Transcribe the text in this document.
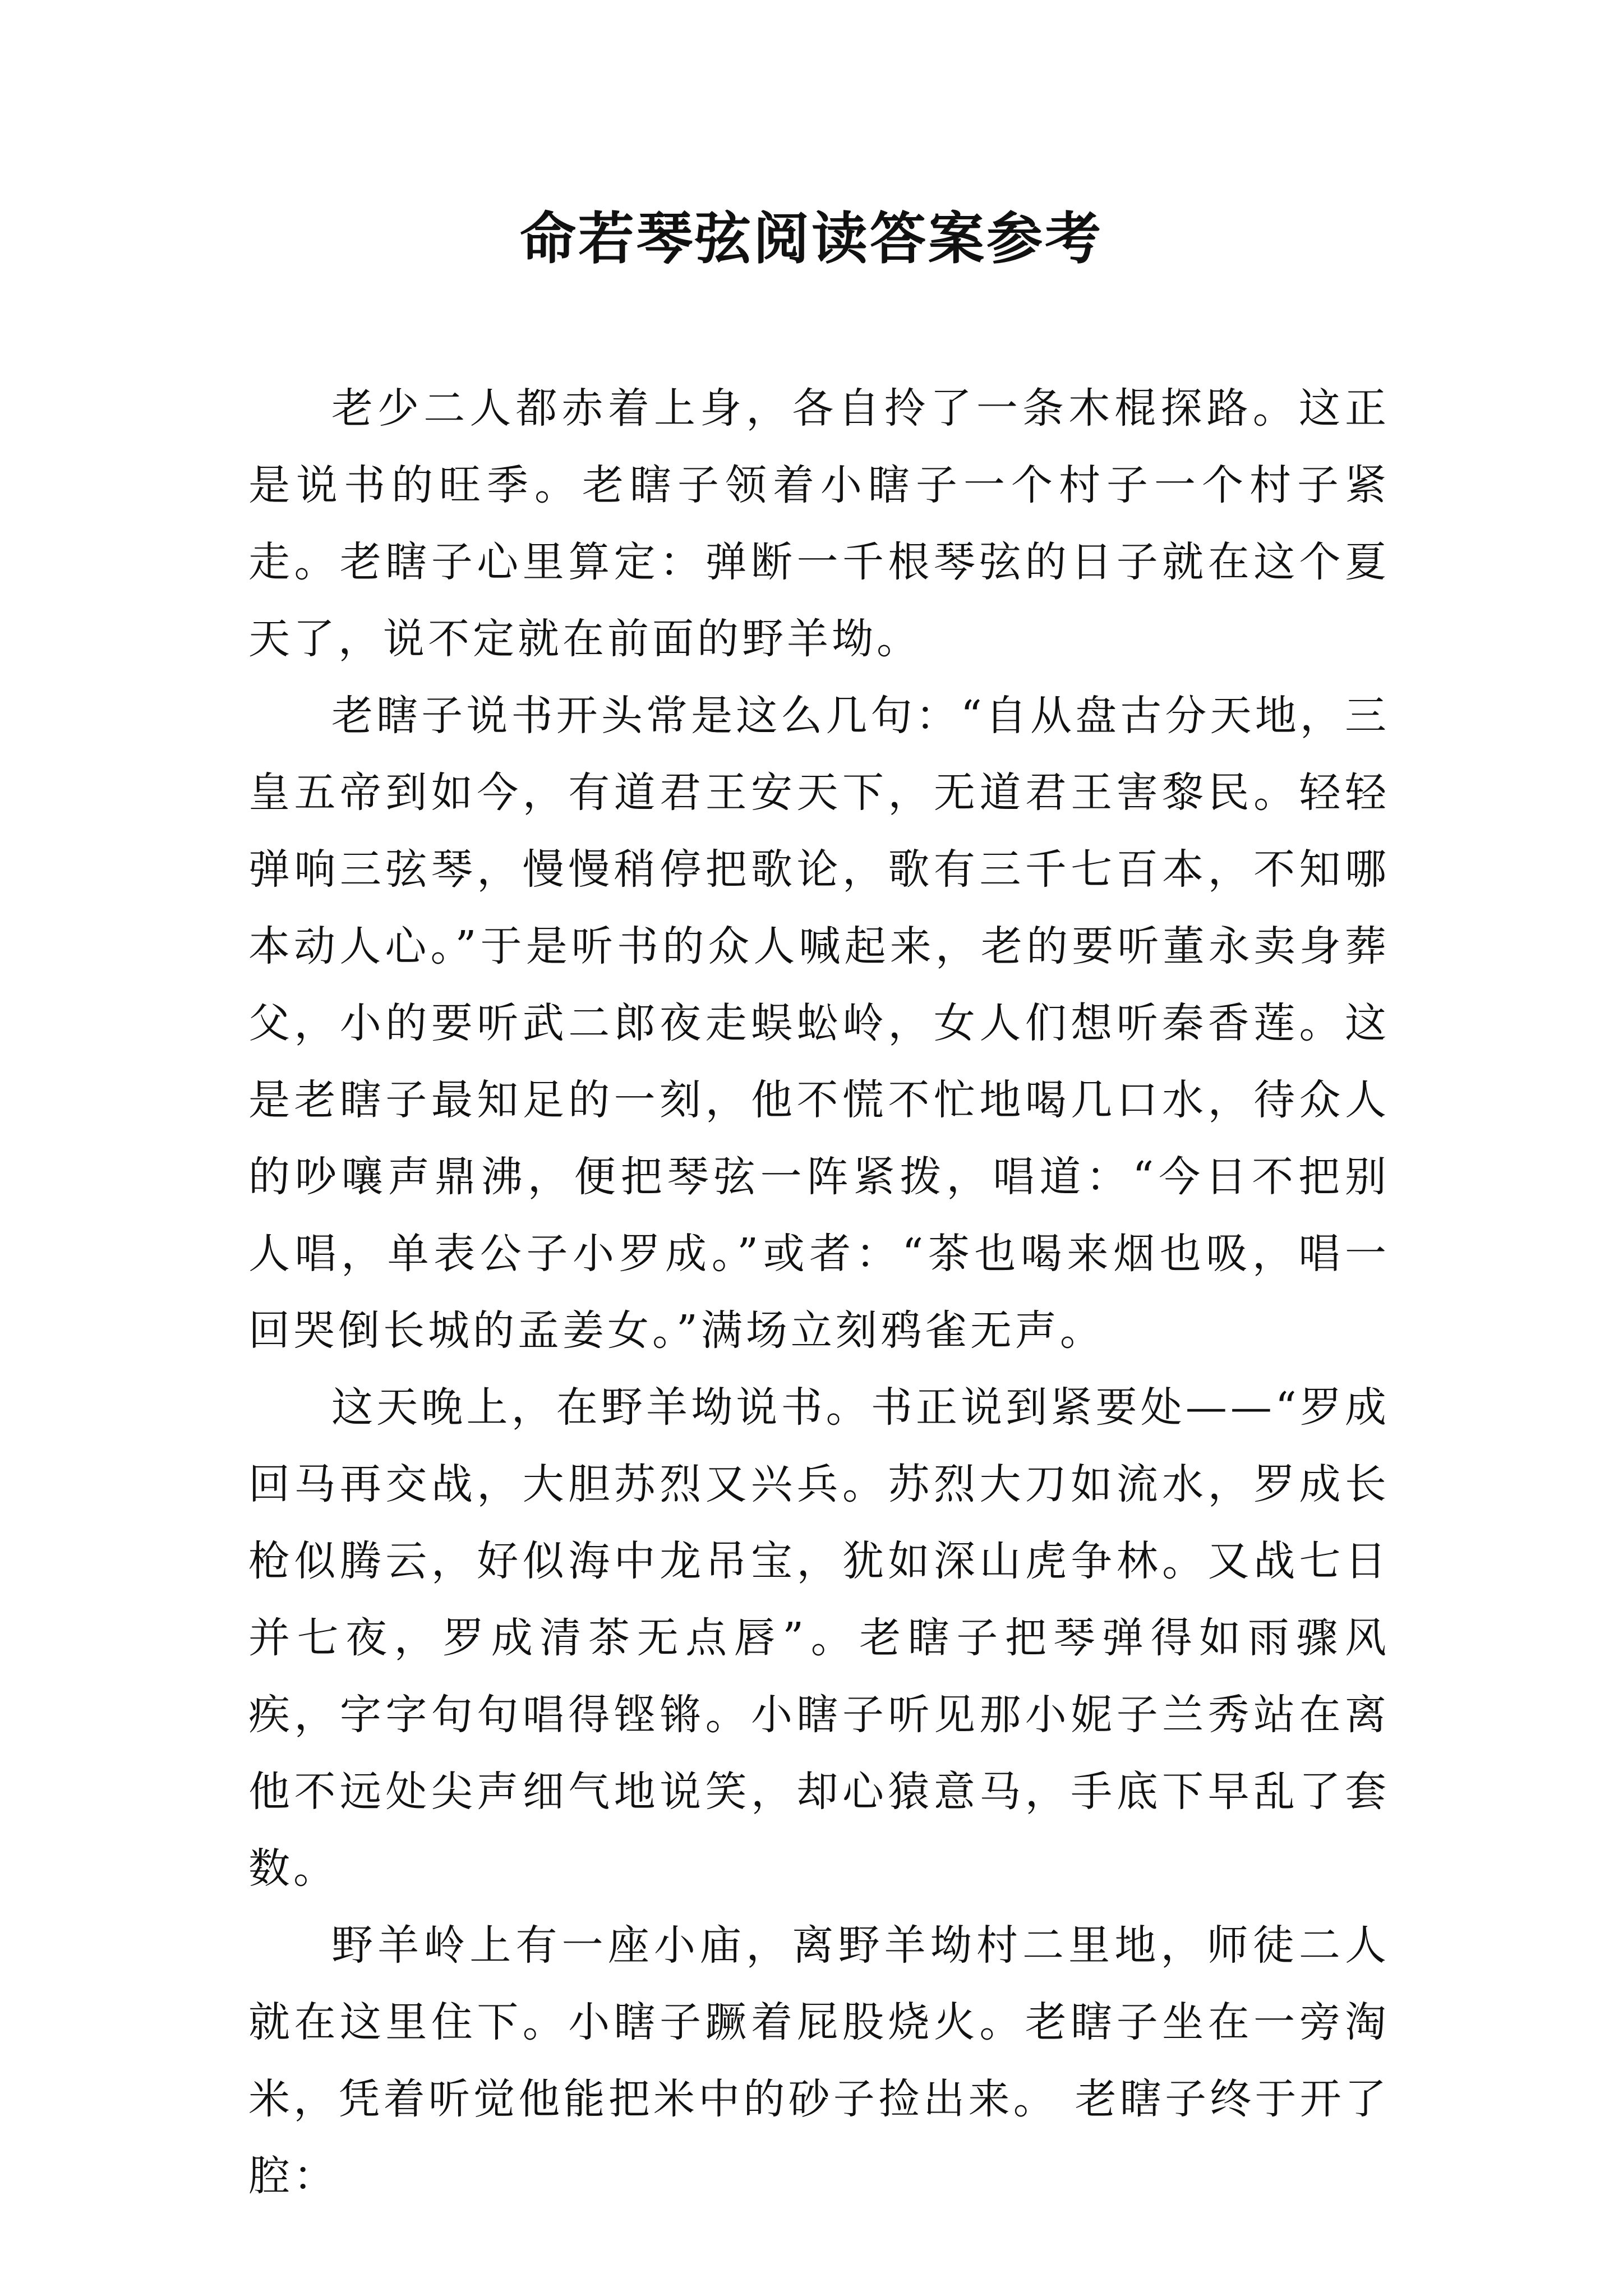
命若琴弦阅读答案参考

老少二人都赤着上身，各自拎了一条木棍探路。这正是说书的旺季。老瞎子领着小瞎子一个村子一个村子紧走。老瞎子心里算定：弹断一千根琴弦的日子就在这个夏天了，说不定就在前面的野羊坳。

老瞎子说书开头常是这么几句：“自从盘古分天地，三皇五帝到如今，有道君王安天下，无道君王害黎民。轻轻弹响三弦琴，慢慢稍停把歌论，歌有三千七百本，不知哪本动人心。”于是听书的众人喊起来，老的要听董永卖身葬父，小的要听武二郎夜走蜈蚣岭，女人们想听秦香莲。这是老瞎子最知足的一刻，他不慌不忙地喝几口水，待众人的吵嚷声鼎沸，便把琴弦一阵紧拨，唱道：“今日不把别人唱，单表公子小罗成。”或者：“茶也喝来烟也吸，唱一回哭倒长城的孟姜女。”满场立刻鸦雀无声。

这天晚上，在野羊坳说书。书正说到紧要处——“罗成回马再交战，大胆苏烈又兴兵。苏烈大刀如流水，罗成长枪似腾云，好似海中龙吊宝，犹如深山虎争林。又战七日并七夜，罗成清茶无点唇”。老瞎子把琴弹得如雨骤风疾，字字句句唱得铿锵。小瞎子听见那小妮子兰秀站在离他不远处尖声细气地说笑，却心猿意马，手底下早乱了套数。

野羊岭上有一座小庙，离野羊坳村二里地，师徒二人就在这里住下。小瞎子蹶着屁股烧火。老瞎子坐在一旁淘米，凭着听觉他能把米中的砂子捡出来。 老瞎子终于开了腔：
